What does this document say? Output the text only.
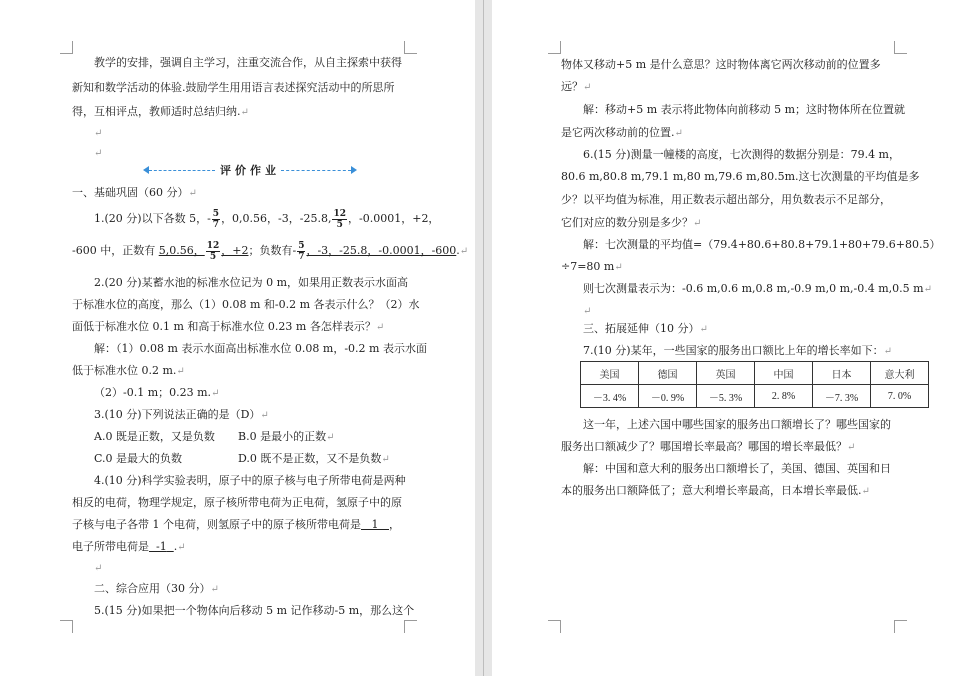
教学的安排，强调自主学习，注重交流合作，从自主探索中获得
新知和数学活动的体验.鼓励学生用用语言表述探究活动中的所思所
得，互相评点，教师适时总结归纳.↵
↵
↵
评价作业
一、基础巩固（60 分）↵
1.(20 分)以下各数 5，- $\frac{5}{7}$ ，0,0.56，-3，-25.8, $\frac{12}{5}$ ，-0.0001，+2，
-600 中，正数有 5,0.56， $\frac{12}{5}$ ，+2；负数有- $\frac{5}{7}$ ，-3，-25.8，-0.0001，-600.↵
2.(20 分)某蓄水池的标准水位记为 0 m，如果用正数表示水面高
于标准水位的高度，那么（1）0.08 m 和-0.2 m 各表示什么？（2）水
面低于标准水位 0.1 m 和高于标准水位 0.23 m 各怎样表示？↵
解：（1）0.08 m 表示水面高出标准水位 0.08 m，-0.2 m 表示水面
低于标准水位 0.2 m.↵
（2）-0.1 m；0.23 m.↵
3.(10 分)下列说法正确的是（D）↵
A.0 既是正数，又是负数 B.0 是最小的正数↵
C.0 是最大的负数	D.0 既不是正数，又不是负数↵
4.(10 分)科学实验表明，原子中的原子核与电子所带电荷是两种
相反的电荷，物理学规定，原子核所带电荷为正电荷，氢原子中的原
子核与电子各带 1 个电荷，则氢原子中的原子核所带电荷是 1 ，
电子所带电荷是 -1 .↵
↵
二、综合应用（30 分）↵
5.(15 分)如果把一个物体向后移动 5 m 记作移动-5 m，那么这个
物体又移动+5 m 是什么意思？这时物体离它两次移动前的位置多
远？↵
解：移动+5 m 表示将此物体向前移动 5 m；这时物体所在位置就
是它两次移动前的位置.↵
6.(15 分)测量一幢楼的高度，七次测得的数据分别是：79.4 m，
80.6 m,80.8 m,79.1 m,80 m,79.6 m,80.5m.这七次测量的平均值是多
少？以平均值为标准，用正数表示超出部分，用负数表示不足部分，
它们对应的数分别是多少？↵
解：七次测量的平均值=（79.4+80.6+80.8+79.1+80+79.6+80.5）
÷7=80 m↵
则七次测量表示为：-0.6 m,0.6 m,0.8 m,-0.9 m,0 m,-0.4 m,0.5 m↵
↵
三、拓展延伸（10 分）↵
7.(10 分)某年，一些国家的服务出口额比上年的增长率如下：↵
美国	德国	英国	中国	日本	意大利
－3. 4%	－0. 9%	－5. 3%	2. 8%	－7. 3%	7. 0%
这一年，上述六国中哪些国家的服务出口额增长了？哪些国家的
服务出口额减少了？哪国增长率最高？哪国的增长率最低？↵
解：中国和意大利的服务出口额增长了，美国、德国、英国和日
本的服务出口额降低了；意大利增长率最高，日本增长率最低.↵
